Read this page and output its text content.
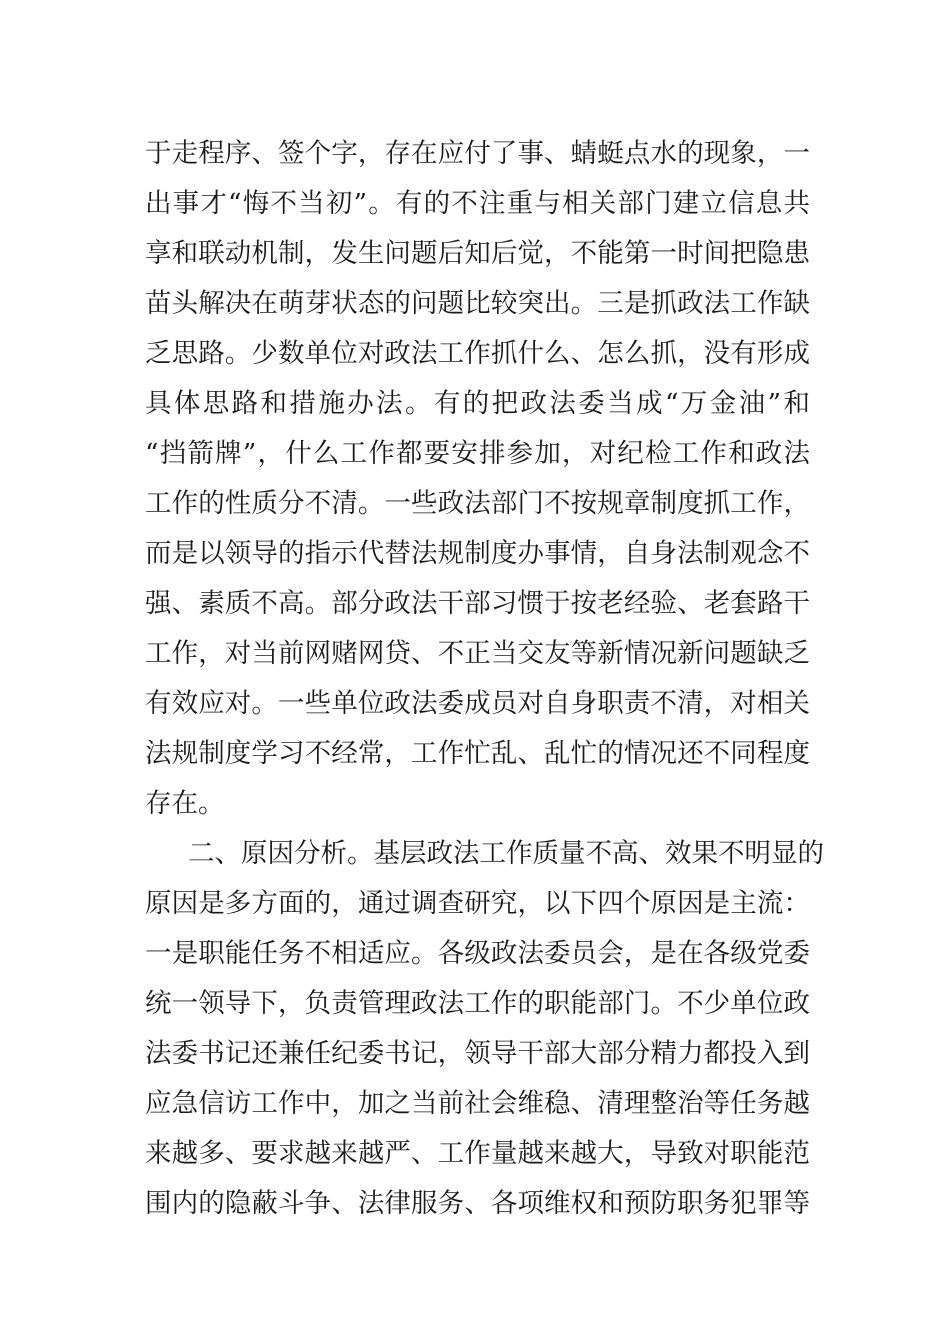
于走程序、签个字，存在应付了事、蜻蜓点水的现象，一
出事才“悔不当初”。有的不注重与相关部门建立信息共
享和联动机制，发生问题后知后觉，不能第一时间把隐患
苗头解决在萌芽状态的问题比较突出。三是抓政法工作缺
乏思路。少数单位对政法工作抓什么、怎么抓，没有形成
具体思路和措施办法。有的把政法委当成“万金油”和
“挡箭牌”，什么工作都要安排参加，对纪检工作和政法
工作的性质分不清。一些政法部门不按规章制度抓工作，
而是以领导的指示代替法规制度办事情，自身法制观念不
强、素质不高。部分政法干部习惯于按老经验、老套路干
工作，对当前网赌网贷、不正当交友等新情况新问题缺乏
有效应对。一些单位政法委成员对自身职责不清，对相关
法规制度学习不经常，工作忙乱、乱忙的情况还不同程度
存在。
二、原因分析。基层政法工作质量不高、效果不明显的
原因是多方面的，通过调查研究，以下四个原因是主流：
一是职能任务不相适应。各级政法委员会，是在各级党委
统一领导下，负责管理政法工作的职能部门。不少单位政
法委书记还兼任纪委书记，领导干部大部分精力都投入到
应急信访工作中，加之当前社会维稳、清理整治等任务越
来越多、要求越来越严、工作量越来越大，导致对职能范
围内的隐蔽斗争、法律服务、各项维权和预防职务犯罪等
